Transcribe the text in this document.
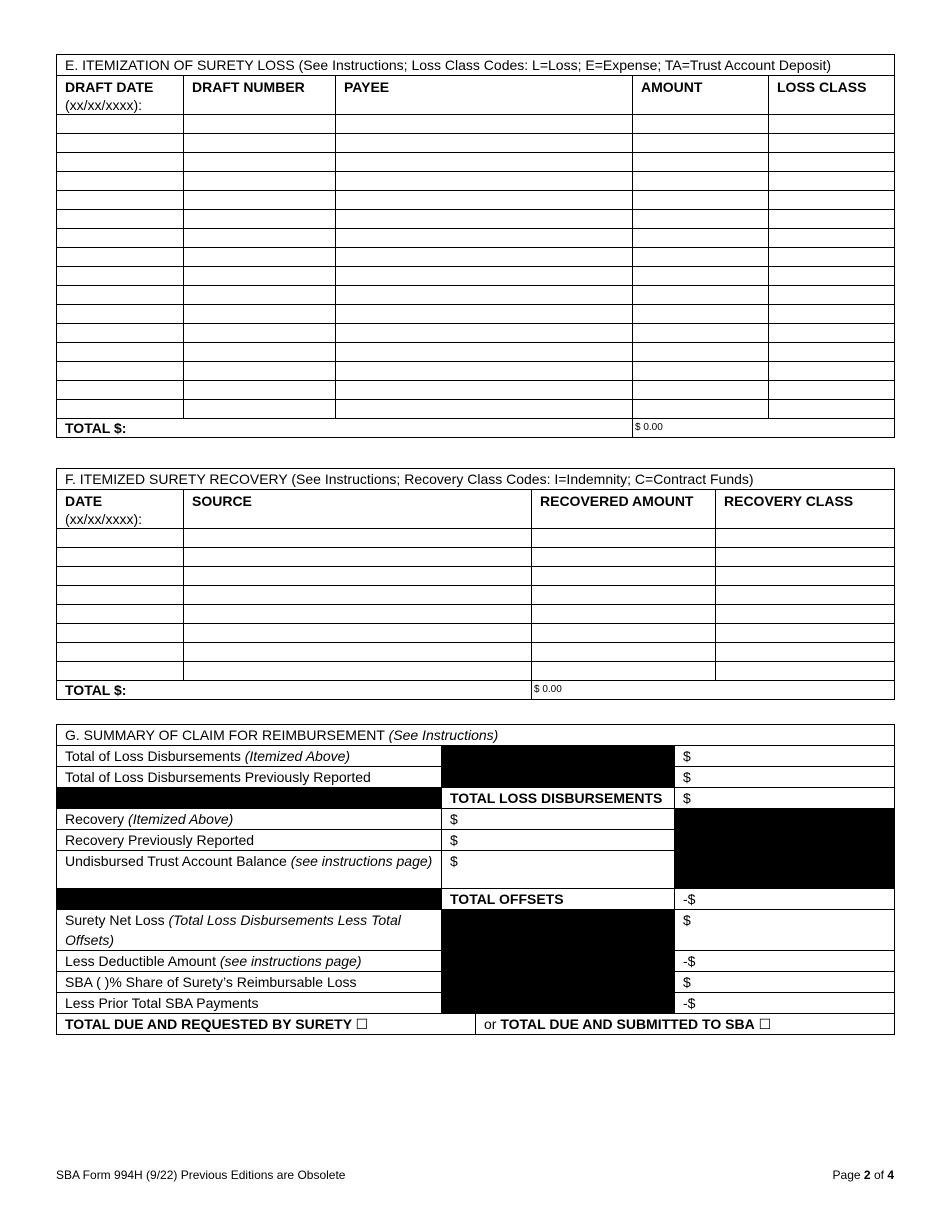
E. ITEMIZATION OF SURETY LOSS (See Instructions; Loss Class Codes: L=Loss; E=Expense; TA=Trust Account Deposit)				
DRAFT DATE
(xx/xx/xxxx):	DRAFT NUMBER	PAYEE	AMOUNT	LOSS CLASS

TOTAL $:			$ 0.00	
F. ITEMIZED SURETY RECOVERY (See Instructions; Recovery Class Codes: I=Indemnity; C=Contract Funds)			
DATE
(xx/xx/xxxx):	SOURCE	RECOVERED AMOUNT	RECOVERY CLASS

TOTAL $:		$ 0.00	
G. SUMMARY OF CLAIM FOR REIMBURSEMENT (See Instructions)			
Total of Loss Disbursements (Itemized Above)			$
Total of Loss Disbursements Previously Reported			$
	TOTAL LOSS DISBURSEMENTS		$
Recovery (Itemized Above)	$		
Recovery Previously Reported	$		
Undisbursed Trust Account Balance (see instructions page)	$		
	TOTAL OFFSETS		-$
Surety Net Loss (Total Loss Disbursements Less Total Offsets)			$
Less Deductible Amount (see instructions page)			-$
SBA ( )% Share of Surety’s Reimbursable Loss			$
Less Prior Total SBA Payments			-$
TOTAL DUE AND REQUESTED BY SURETY ☐		or TOTAL DUE AND SUBMITTED TO SBA ☐	
SBA Form 994H (9/22) Previous Editions are Obsolete	Page 2 of 4
